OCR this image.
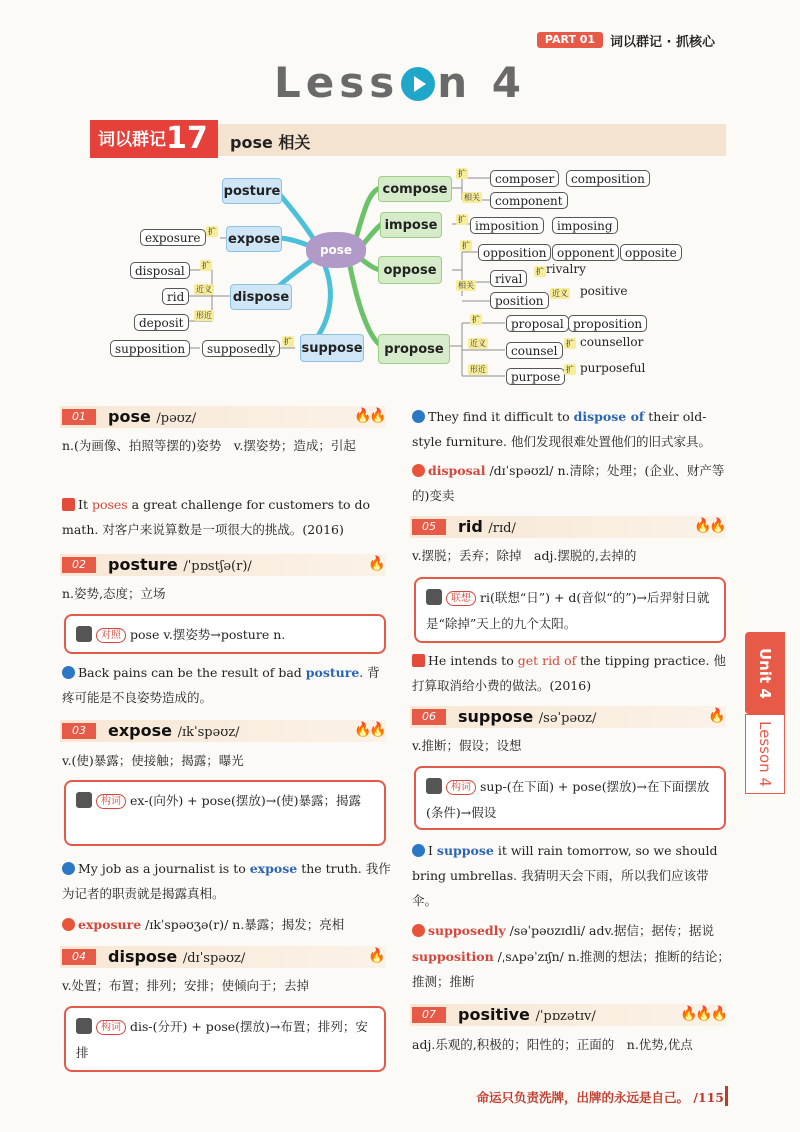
PART 01	词以群记 · 抓核心
Less n 4
词以群记17	pose 相关
posture
expose
exposure
dispose
disposal
rid
deposit
suppose
supposedly
supposition
pose
compose
composer	composition
component
impose	imposition	imposing
oppose
opposition opponent opposite
rival
rivalry
position
positive
propose
proposal proposition
counsel
counsellor
purpose
purposeful
扩
相关
扩
扩
相关
扩
近义
扩
近义	扩
形近	扩
扩
近义
形近
扩
扩
01	pose /pəʊz/	🔥🔥
n.(为画像、拍照等摆的)姿势　v.摆姿势；造成；引起
It poses a great challenge for customers to do math. 对客户来说算数是一项很大的挑战。(2016)
02	posture /ˈpɒstʃə(r)/	🔥
n.姿势,态度；立场
对照 pose v.摆姿势→posture n.
Back pains can be the result of bad posture. 背疼可能是不良姿势造成的。
03	expose /ɪkˈspəʊz/	🔥🔥
v.(使)暴露；使接触；揭露；曝光
构词 ex-(向外) + pose(摆放)→(使)暴露；揭露
My job as a journalist is to expose the truth. 我作为记者的职责就是揭露真相。
exposure /ɪkˈspəʊʒə(r)/ n.暴露；揭发；亮相
04	dispose /dɪˈspəʊz/	🔥
v.处置；布置；排列；安排；使倾向于；去掉
构词 dis-(分开) + pose(摆放)→布置；排列；安排
They find it difficult to dispose of their old-style furniture. 他们发现很难处置他们的旧式家具。
disposal /dɪˈspəʊzl/ n.清除；处理；(企业、财产等的)变卖
05	rid /rɪd/	🔥🔥
v.摆脱；丢弃；除掉　adj.摆脱的,去掉的
联想 ri(联想“日”) + d(音似“的”)→后羿射日就是“除掉”天上的九个太阳。
He intends to get rid of the tipping practice. 他打算取消给小费的做法。(2016)
06	suppose /səˈpəʊz/	🔥
v.推断；假设；设想
构词 sup-(在下面) + pose(摆放)→在下面摆放(条件)→假设
I suppose it will rain tomorrow, so we should bring umbrellas. 我猜明天会下雨，所以我们应该带伞。
supposedly /səˈpəʊzɪdli/ adv.据信；据传；据说
supposition /ˌsʌpəˈzɪʃn/ n.推测的想法；推断的结论；推测；推断
07	positive /ˈpɒzətɪv/	🔥🔥🔥
adj.乐观的,积极的；阳性的；正面的　n.优势,优点
Unit 4
Lesson 4
命运只负责洗牌，出牌的永远是自己。 /115
